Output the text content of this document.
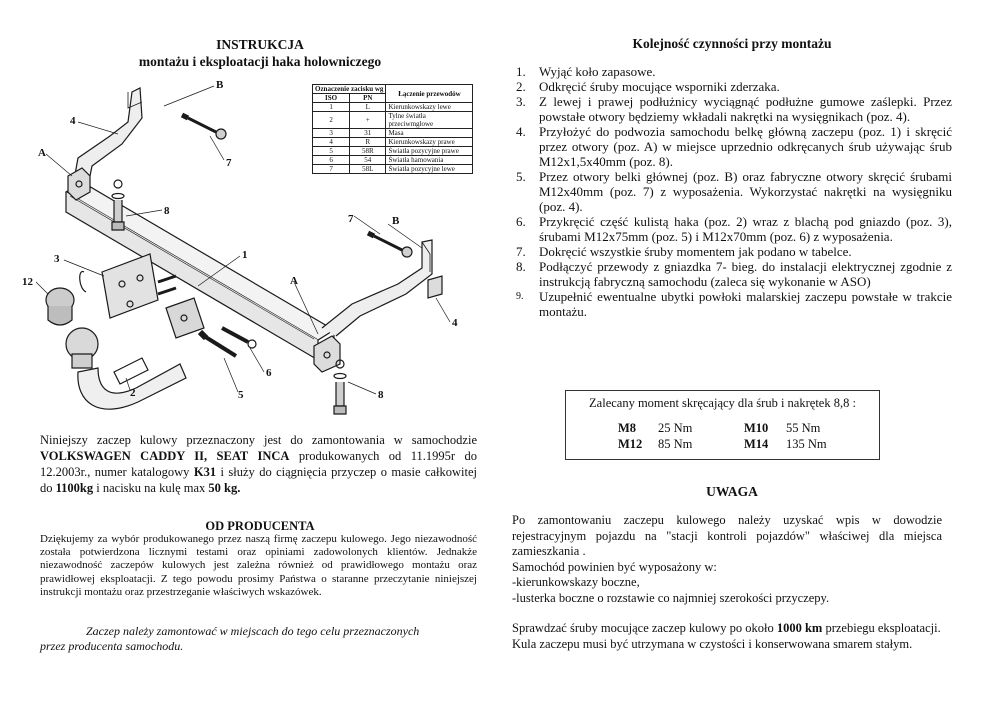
INSTRUKCJA
montażu i eksploatacji haka holowniczego
B
4
A
7
8
3	1
12
2	5
6
8
7	B
A
4
Oznaczenie zacisku wg		Łączenie przewodów
ISO	PN	
1	L	Kierunkowskazy lewe
2	+	Tylne światła przeciwmgłowe
3	31	Masa
4	R	Kierunkowskazy prawe
5	58R	Światła pozycyjne prawe
6	54	Światła hamowania
7	58L	Światła pozycyjne lewe
Niniejszy zaczep kulowy przeznaczony jest do zamontowania w samochodzie VOLKSWAGEN CADDY II, SEAT INCA produkowanych od 11.1995r do 12.2003r., numer katalogowy K31 i służy do ciągnięcia przyczep o masie całkowitej do 1100kg i nacisku na kulę max 50 kg.
OD PRODUCENTA
Dziękujemy za wybór produkowanego przez naszą firmę zaczepu kulowego. Jego niezawodność została potwierdzona licznymi testami oraz opiniami zadowolonych klientów. Jednakże niezawodność zaczepów kulowych jest zależna również od prawidłowego montażu oraz prawidłowej eksploatacji. Z tego powodu prosimy Państwa o staranne przeczytanie niniejszej instrukcji montażu oraz przestrzeganie właściwych wskazówek.
Zaczep należy zamontować w miejscach do tego celu przeznaczonych
przez producenta samochodu.
Kolejność czynności przy montażu
1. Wyjąć koło zapasowe.
2. Odkręcić śruby mocujące wsporniki zderzaka.
3. Z lewej i prawej podłużnicy wyciągnąć podłużne gumowe zaślepki. Przez powstałe otwory będziemy wkładali nakrętki na wysięgnikach (poz. 4).
4. Przyłożyć do podwozia samochodu belkę główną zaczepu (poz. 1) i skręcić przez otwory (poz. A) w miejsce uprzednio odkręcanych śrub używając śrub M12x1,5x40mm (poz. 8).
5. Przez otwory belki głównej (poz. B) oraz fabryczne otwory skręcić śrubami M12x40mm (poz. 7) z wyposażenia. Wykorzystać nakrętki na wysięgniku (poz. 4).
6. Przykręcić część kulistą haka (poz. 2) wraz z blachą pod gniazdo (poz. 3), śrubami M12x75mm (poz. 5) i M12x70mm (poz. 6) z wyposażenia.
7. Dokręcić wszystkie śruby momentem jak podano w tabelce.
8. Podłączyć przewody z gniazdka 7- bieg. do instalacji elektrycznej zgodnie z instrukcją fabryczną samochodu (zaleca się wykonanie w ASO)
9. Uzupełnić ewentualne ubytki powłoki malarskiej zaczepu powstałe w trakcie montażu.
Zalecany moment skręcający dla śrub i nakrętek 8,8 :
M8 25 Nm	M10 55 Nm
M12 85 Nm	M14 135 Nm
UWAGA

Po zamontowaniu zaczepu kulowego należy uzyskać wpis w dowodzie rejestracyjnym pojazdu na "stacji kontroli pojazdów" właściwej dla miejsca zamieszkania .

Samochód powinien być wyposażony w:

-kierunkowskazy boczne,

-lusterka boczne o rozstawie co najmniej szerokości przyczepy.

Sprawdzać śruby mocujące zaczep kulowy po około 1000 km przebiegu eksploatacji.

Kula zaczepu musi być utrzymana w czystości i konserwowana smarem stałym.
